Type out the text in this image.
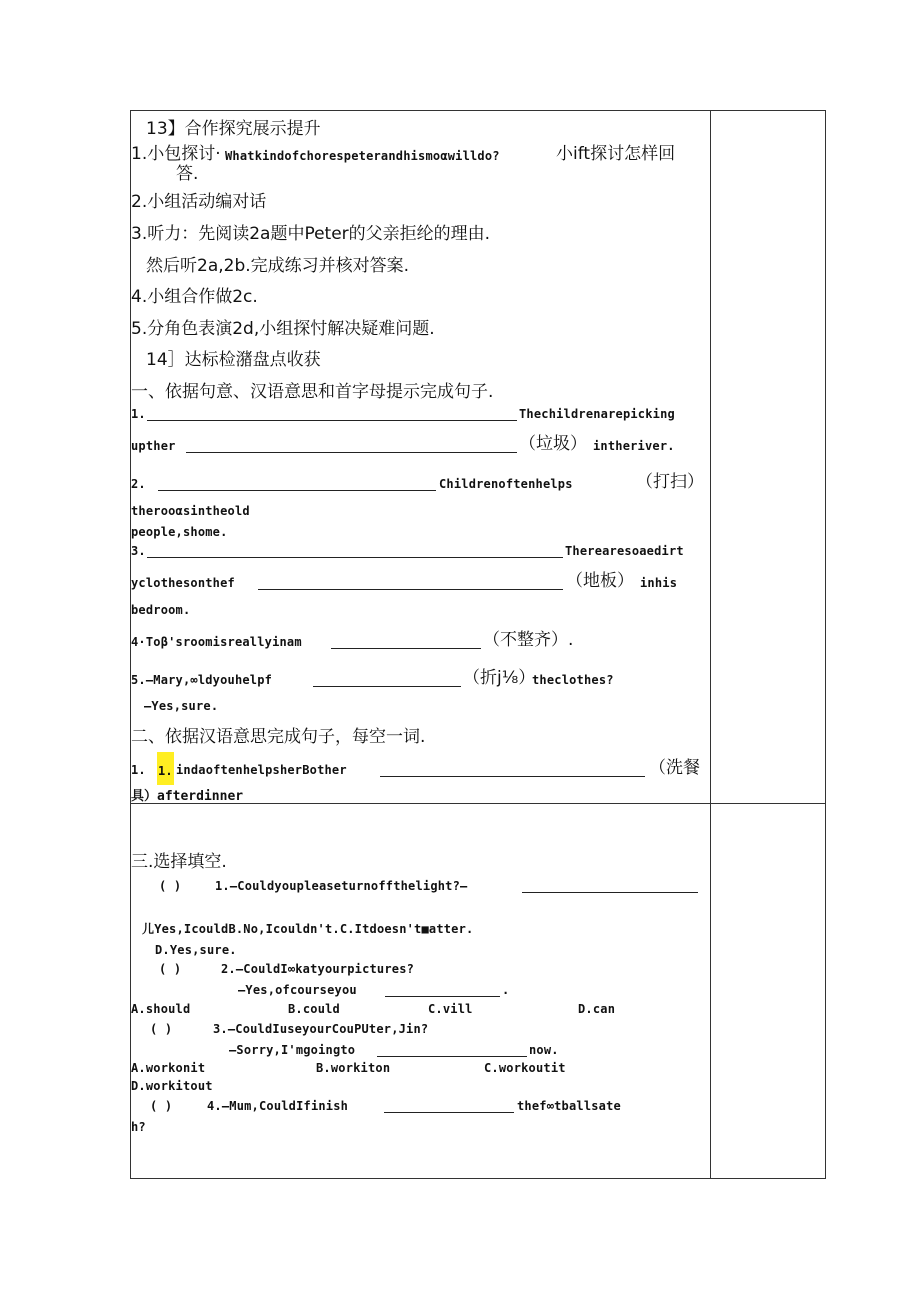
13】合作探究展示提升
1.小包探讨· Whatkindofchorespeterandhismoαwilldo?	小ift探讨怎样回
答.
2.小组活动编对话
3.听力：先阅读2a题中Peter的父亲拒纶的理由.
然后听2a,2b.完成练习并核对答案.
4.小组合作做2c.
5.分角色表演2d,小组探忖解决疑难问题.
14］达标检潴盘点收获
一、依据句意、汉语意思和首字母提示完成句子.
1.	Thechildrenarepicking
upther	（垃圾） intheriver.
2.	Childrenoftenhelps	（打扫）
therooαsintheold
people,shome.
3.	Therearesoaedirt
yclothesonthef	（地板） inhis
bedroom.
4·Toβ'sroomisreallyinam	（不整齐）.
5.—Mary,∞ldyouhelpf	（折j⅛）
theclothes?
—Yes,sure.
二、依据汉语意思完成句子，每空一词.
1. 1. indaoftenhelpsherBother	（洗餐
具）afterdinner
三.选择填空.
( )	1.—Couldyoupleaseturnoffthelight?—
儿Yes,IcouldB.No,Icouldn't.C.Itdoesn't■atter.
D.Yes,sure.
( )	2.—CouldI∞katyourpictures?
—Yes,ofcourseyou	.
A.should	B.could	C.vill	D.can
( )	3.—CouldIuseyourCouPUter,Jin?
—Sorry,I'mgoingto	now.
A.workonit	B.workiton	C.workoutit
D.workitout
( )	4.—Mum,CouldIfinish	thef∞tballsate
h?
